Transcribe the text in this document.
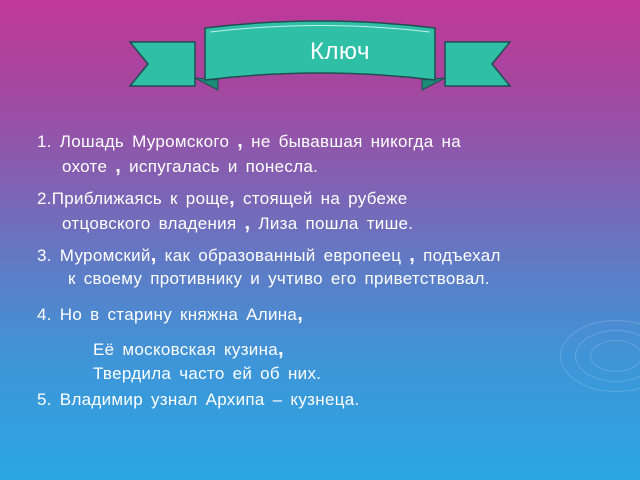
Ключ
1. Лошадь Муромского , не бывавшая никогда на
охоте , испугалась и понесла.
2.Приближаясь к роще, стоящей на рубеже
отцовского владения , Лиза пошла тише.
3. Муромский, как образованный европеец , подъехал
к своему противнику и учтиво его приветствовал.
4. Но в старину княжна Алина,
Её московская кузина,
Твердила часто ей об них.
5. Владимир узнал Архипа – кузнеца.
